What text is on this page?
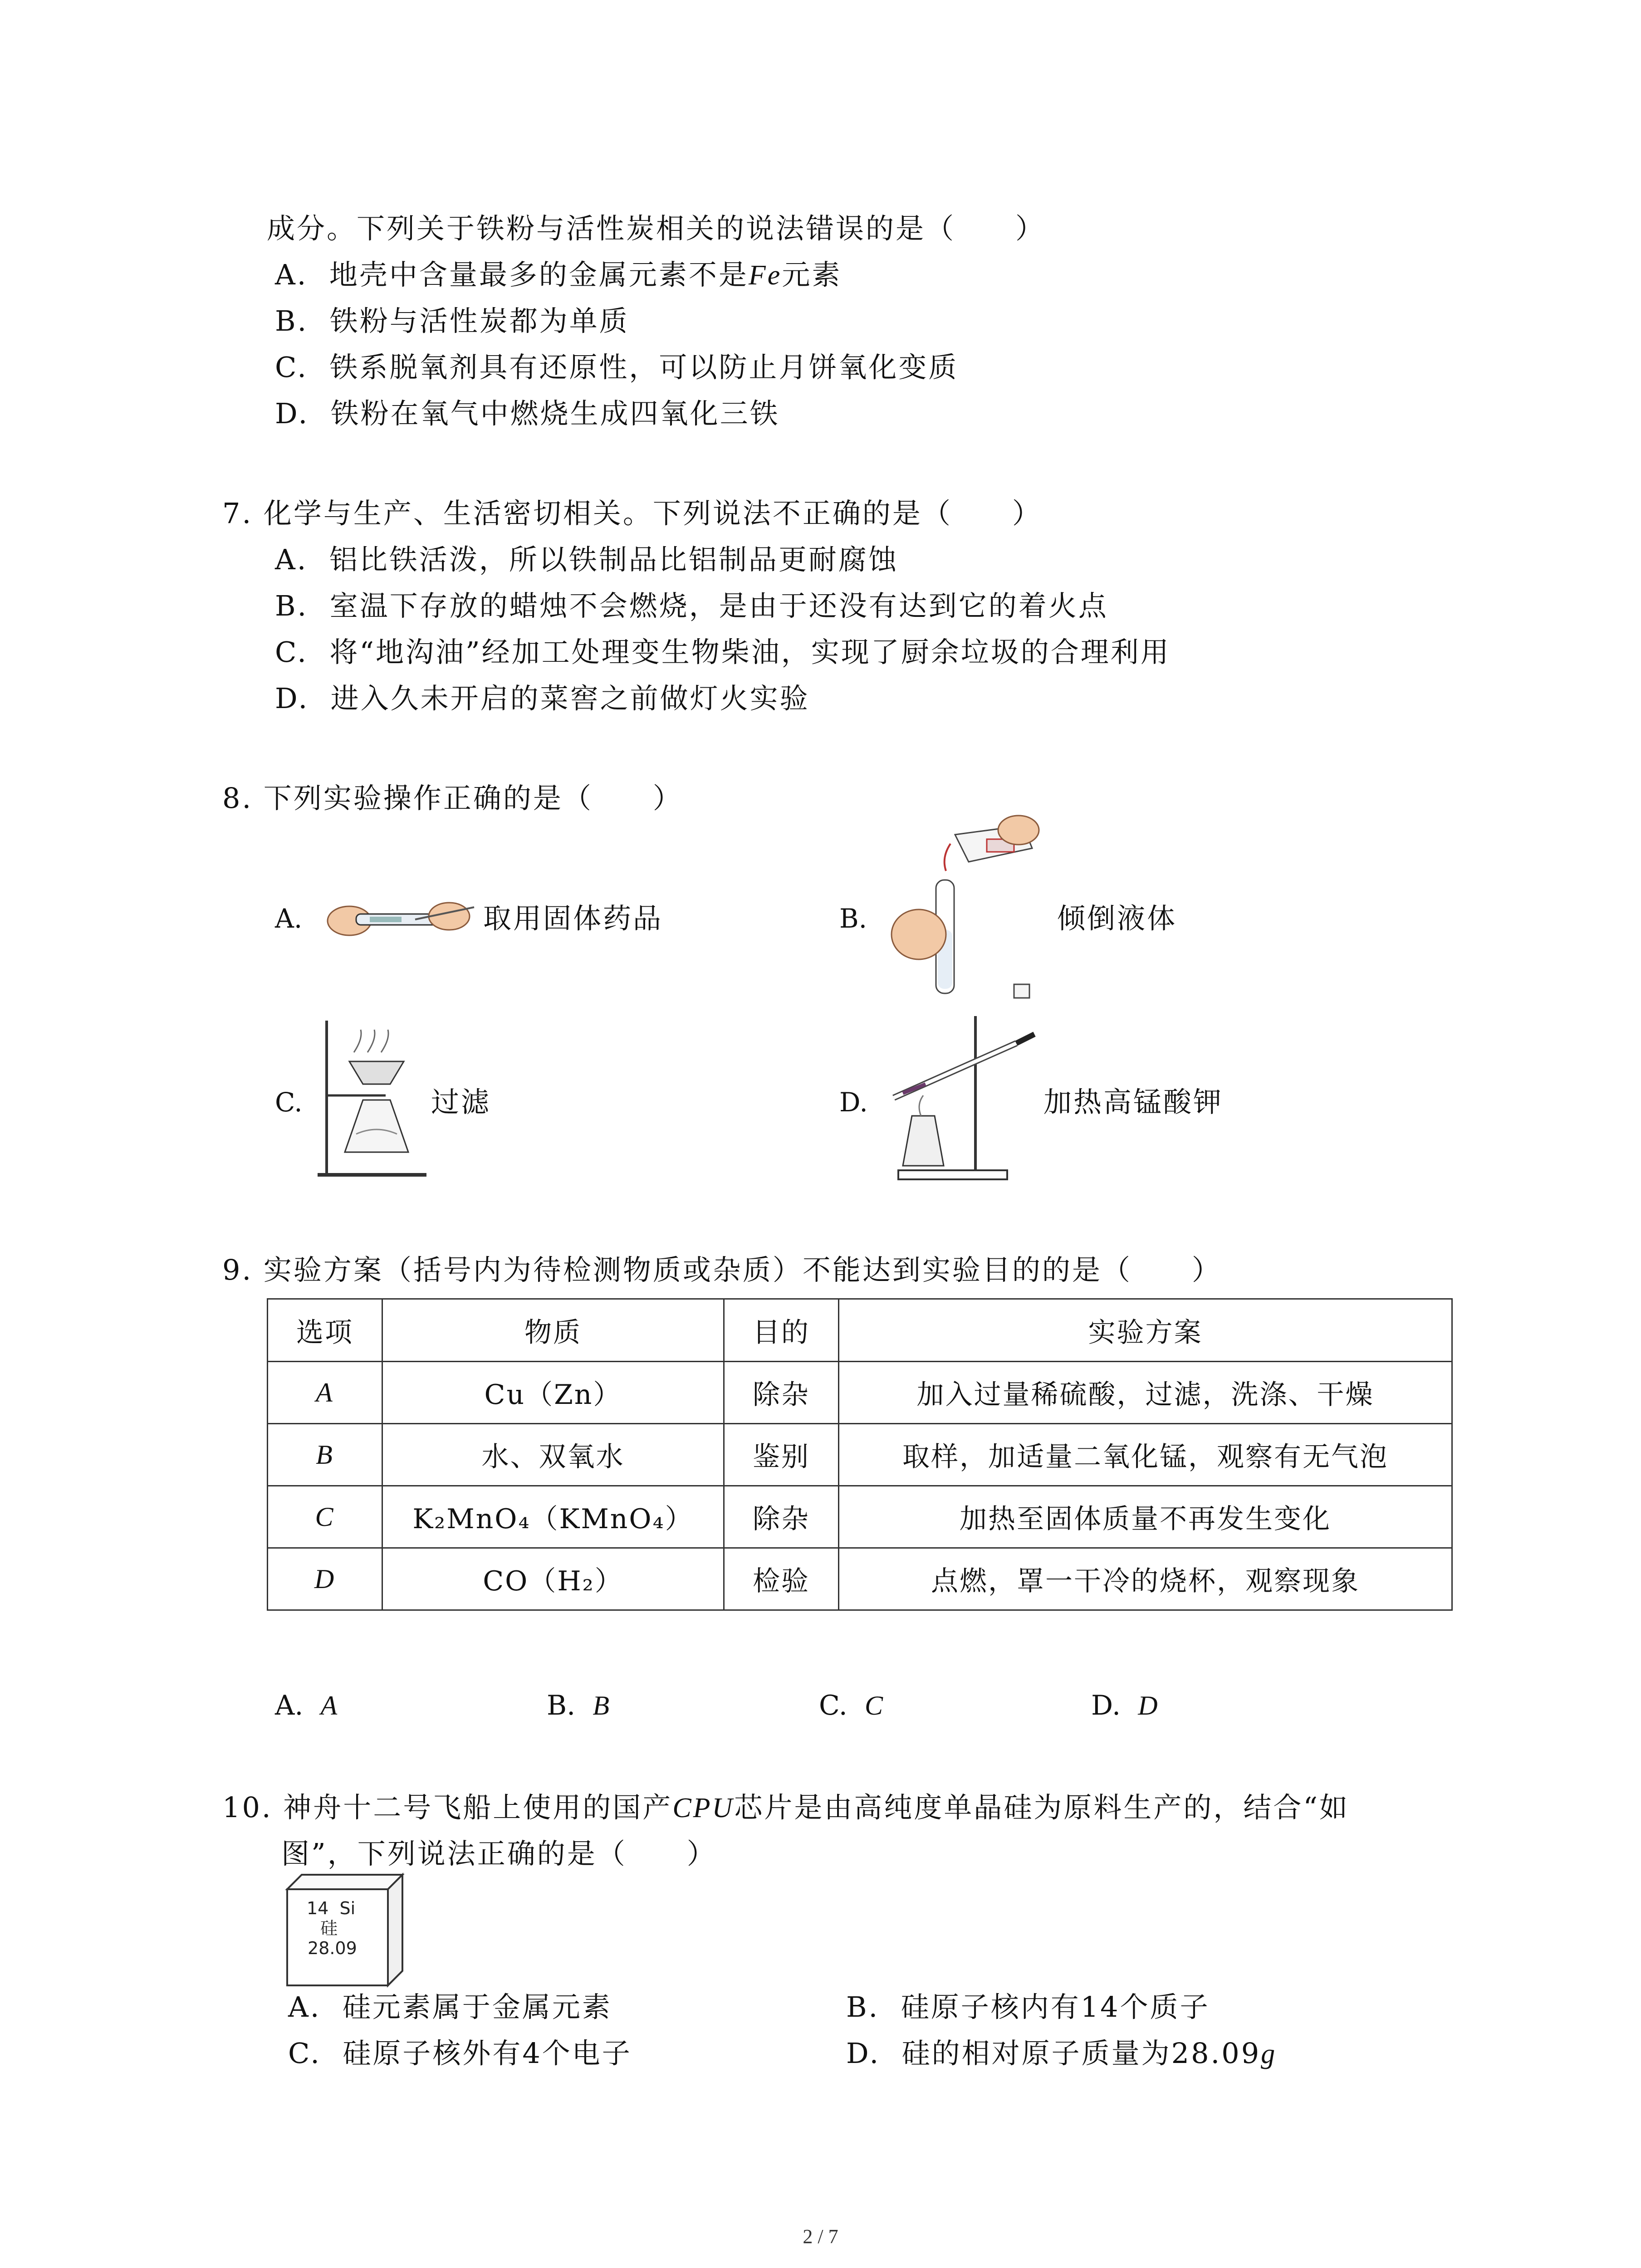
成分。下列关于铁粉与活性炭相关的说法错误的是（　　）
A. 地壳中含量最多的金属元素不是Fe元素
B. 铁粉与活性炭都为单质
C. 铁系脱氧剂具有还原性，可以防止月饼氧化变质
D. 铁粉在氧气中燃烧生成四氧化三铁
7. 化学与生产、生活密切相关。下列说法不正确的是（　　）
A. 铝比铁活泼，所以铁制品比铝制品更耐腐蚀
B. 室温下存放的蜡烛不会燃烧，是由于还没有达到它的着火点
C. 将“地沟油”经加工处理变生物柴油，实现了厨余垃圾的合理利用
D. 进入久未开启的菜窖之前做灯火实验
8. 下列实验操作正确的是（　　）
A.	取用固体药品	B.	倾倒液体
C.	过滤	D.	加热高锰酸钾
9. 实验方案（括号内为待检测物质或杂质）不能达到实验目的的是（　　）
选项	物质	目的	实验方案
A	Cu（Zn）	除杂	加入过量稀硫酸，过滤，洗涤、干燥
B	水、双氧水	鉴别	取样，加适量二氧化锰，观察有无气泡
C	K₂MnO₄（KMnO₄）	除杂	加热至固体质量不再发生变化
D	CO（H₂）	检验	点燃，罩一干冷的烧杯，观察现象
A. A	B. B	C. C	D. D
10. 神舟十二号飞船上使用的国产CPU芯片是由高纯度单晶硅为原料生产的，结合“如
图”，下列说法正确的是（　　）
14 Si
硅
28.09
A. 硅元素属于金属元素	B. 硅原子核内有14个质子
C. 硅原子核外有4个电子	D. 硅的相对原子质量为28.09g
2 / 7
